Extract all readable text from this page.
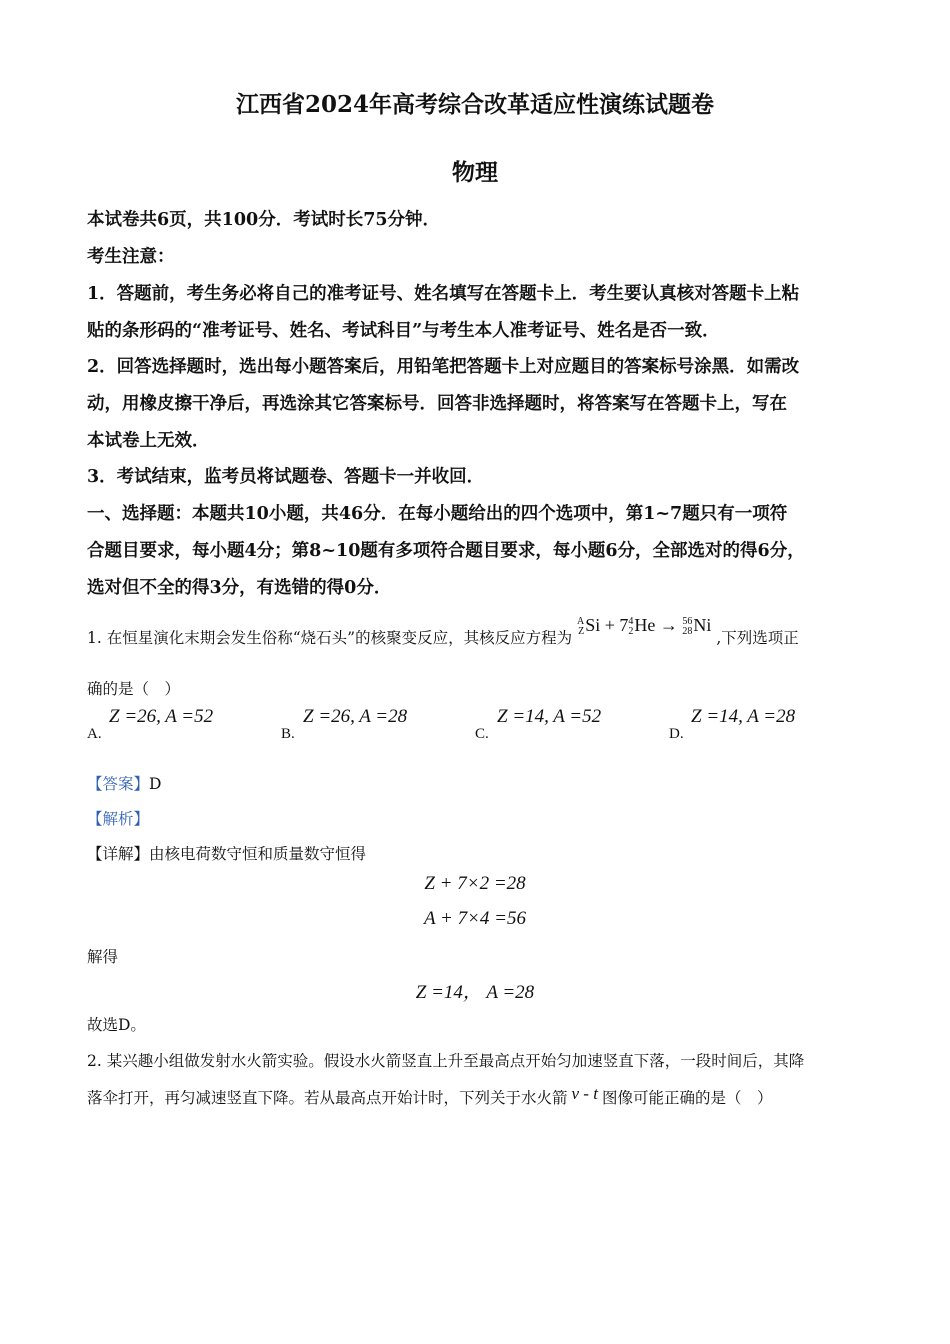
江西省2024年高考综合改革适应性演练试题卷
物理
本试卷共6页，共100分．考试时长75分钟．
考生注意：
1．答题前，考生务必将自己的准考证号、姓名填写在答题卡上．考生要认真核对答题卡上粘
贴的条形码的“准考证号、姓名、考试科目”与考生本人准考证号、姓名是否一致．
2．回答选择题时，选出每小题答案后，用铅笔把答题卡上对应题目的答案标号涂黑．如需改
动，用橡皮擦干净后，再选涂其它答案标号．回答非选择题时，将答案写在答题卡上，写在
本试卷上无效．
3．考试结束，监考员将试题卷、答题卡一并收回．
一、选择题：本题共10小题，共46分．在每小题给出的四个选项中，第1~7题只有一项符
合题目要求，每小题4分；第8~10题有多项符合题目要求，每小题6分，全部选对的得6分，
选对但不全的得3分，有选错的得0分．
1. 在恒星演化末期会发生俗称“烧石头”的核聚变反应，其核反应方程为
A
Z Si + 7 4
2 He → 56
28 Ni ,下列选项正
确的是（　）
A.
Z =26, A =52
B.
Z =26, A =28
C.
Z =14, A =52
D.
Z =14, A =28
【答案】D
【解析】
【详解】由核电荷数守恒和质量数守恒得
Z + 7×2 =28
A + 7×4 =56
解得
Z =14， A =28
故选D。
2. 某兴趣小组做发射水火箭实验。假设水火箭竖直上升至最高点开始匀加速竖直下落，一段时间后，其降
落伞打开，再匀减速竖直下降。若从最高点开始计时，下列关于水火箭 v - t 图像可能正确的是（　）
